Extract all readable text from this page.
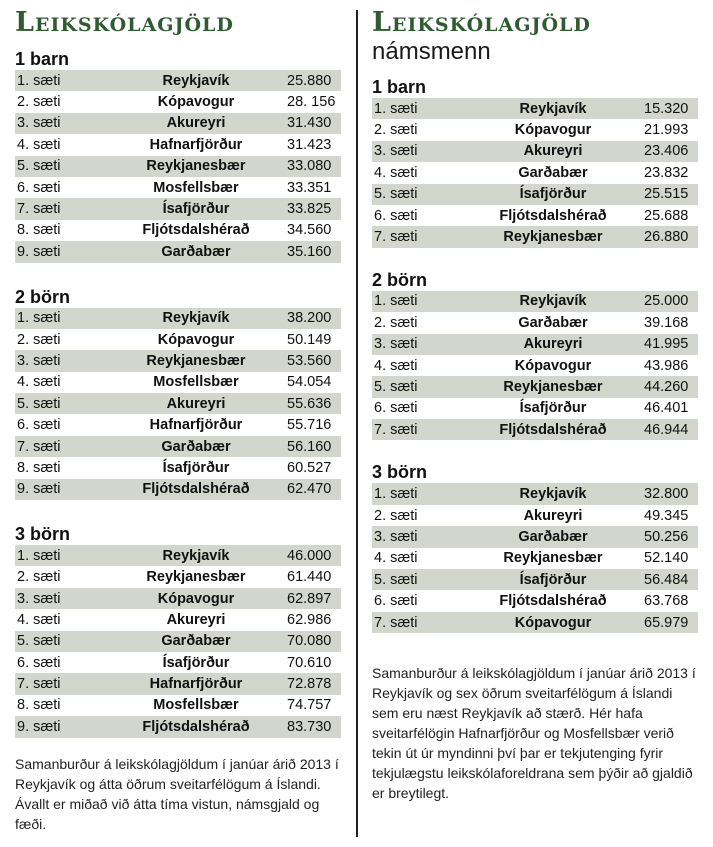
Leikskólagjöld
1 barn
1. sæti	Reykjavík	25.880
2. sæti	Kópavogur	28. 156
3. sæti	Akureyri	31.430
4. sæti	Hafnarfjörður	31.423
5. sæti	Reykjanesbær	33.080
6. sæti	Mosfellsbær	33.351
7. sæti	Ísafjörður	33.825
8. sæti	Fljótsdalshérað	34.560
9. sæti	Garðabær	35.160
2 börn
1. sæti	Reykjavík	38.200
2. sæti	Kópavogur	50.149
3. sæti	Reykjanesbær	53.560
4. sæti	Mosfellsbær	54.054
5. sæti	Akureyri	55.636
6. sæti	Hafnarfjörður	55.716
7. sæti	Garðabær	56.160
8. sæti	Ísafjörður	60.527
9. sæti	Fljótsdalshérað	62.470
3 börn
1. sæti	Reykjavík	46.000
2. sæti	Reykjanesbær	61.440
3. sæti	Kópavogur	62.897
4. sæti	Akureyri	62.986
5. sæti	Garðabær	70.080
6. sæti	Ísafjörður	70.610
7. sæti	Hafnarfjörður	72.878
8. sæti	Mosfellsbær	74.757
9. sæti	Fljótsdalshérað	83.730

Samanburður á leikskólagjöldum í janúar árið 2013 í Reykjavík og átta öðrum sveitarfélögum á Íslandi. Ávallt er miðað við átta tíma vistun, námsgjald og fæði.

Leikskólagjöld
námsmenn
1 barn
1. sæti	Reykjavík	15.320
2. sæti	Kópavogur	21.993
3. sæti	Akureyri	23.406
4. sæti	Garðabær	23.832
5. sæti	Ísafjörður	25.515
6. sæti	Fljótsdalshérað	25.688
7. sæti	Reykjanesbær	26.880
2 börn
1. sæti	Reykjavík	25.000
2. sæti	Garðabær	39.168
3. sæti	Akureyri	41.995
4. sæti	Kópavogur	43.986
5. sæti	Reykjanesbær	44.260
6. sæti	Ísafjörður	46.401
7. sæti	Fljótsdalshérað	46.944
3 börn
1. sæti	Reykjavík	32.800
2. sæti	Akureyri	49.345
3. sæti	Garðabær	50.256
4. sæti	Reykjanesbær	52.140
5. sæti	Ísafjörður	56.484
6. sæti	Fljótsdalshérað	63.768
7. sæti	Kópavogur	65.979

Samanburður á leikskólagjöldum í janúar árið 2013 í Reykjavík og sex öðrum sveitarfélögum á Íslandi sem eru næst Reykjavík að stærð. Hér hafa sveitarfélögin Hafnarfjörður og Mosfellsbær verið tekin út úr myndinni því þar er tekjutenging fyrir tekjulægstu leikskólaforeldrana sem þýðir að gjaldið er breytilegt.
